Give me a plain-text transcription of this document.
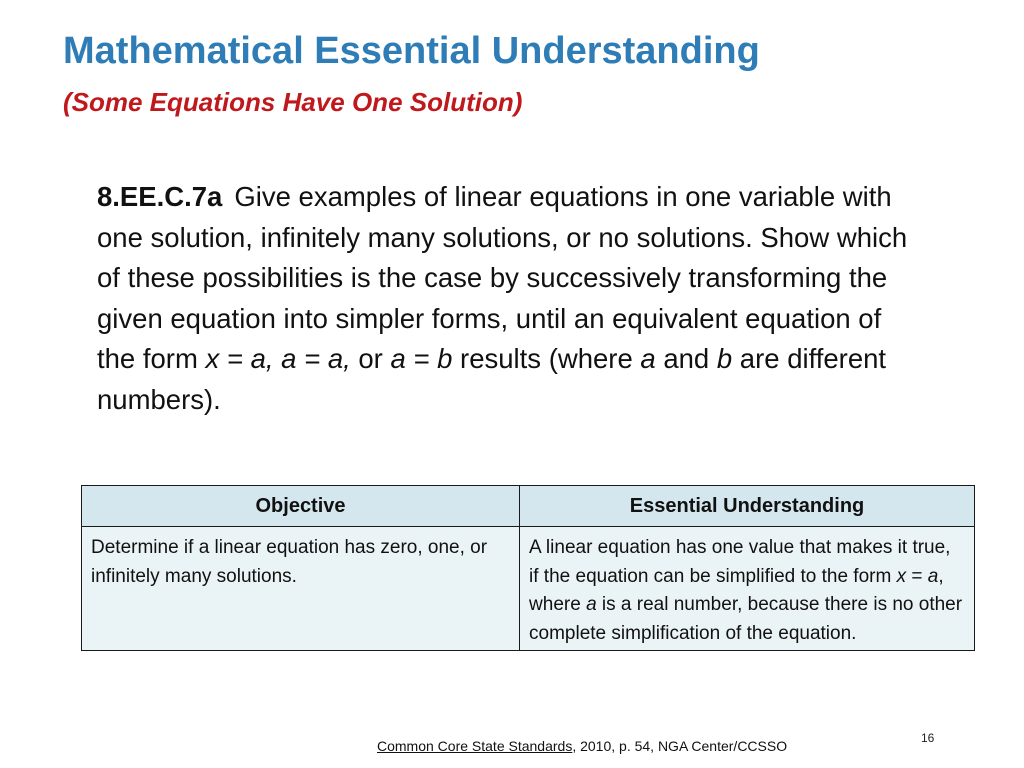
Mathematical Essential Understanding
(Some Equations Have One Solution)
8.EE.C.7a Give examples of linear equations in one variable with one solution, infinitely many solutions, or no solutions. Show which of these possibilities is the case by successively transforming the given equation into simpler forms, until an equivalent equation of the form x = a, a = a, or a = b results (where a and b are different numbers).
Objective	Essential Understanding
Determine if a linear equation has zero, one, or infinitely many solutions.	A linear equation has one value that makes it true, if the equation can be simplified to the form x = a, where a is a real number, because there is no other complete simplification of the equation.
Common Core State Standards, 2010, p. 54, NGA Center/CCSSO	16
